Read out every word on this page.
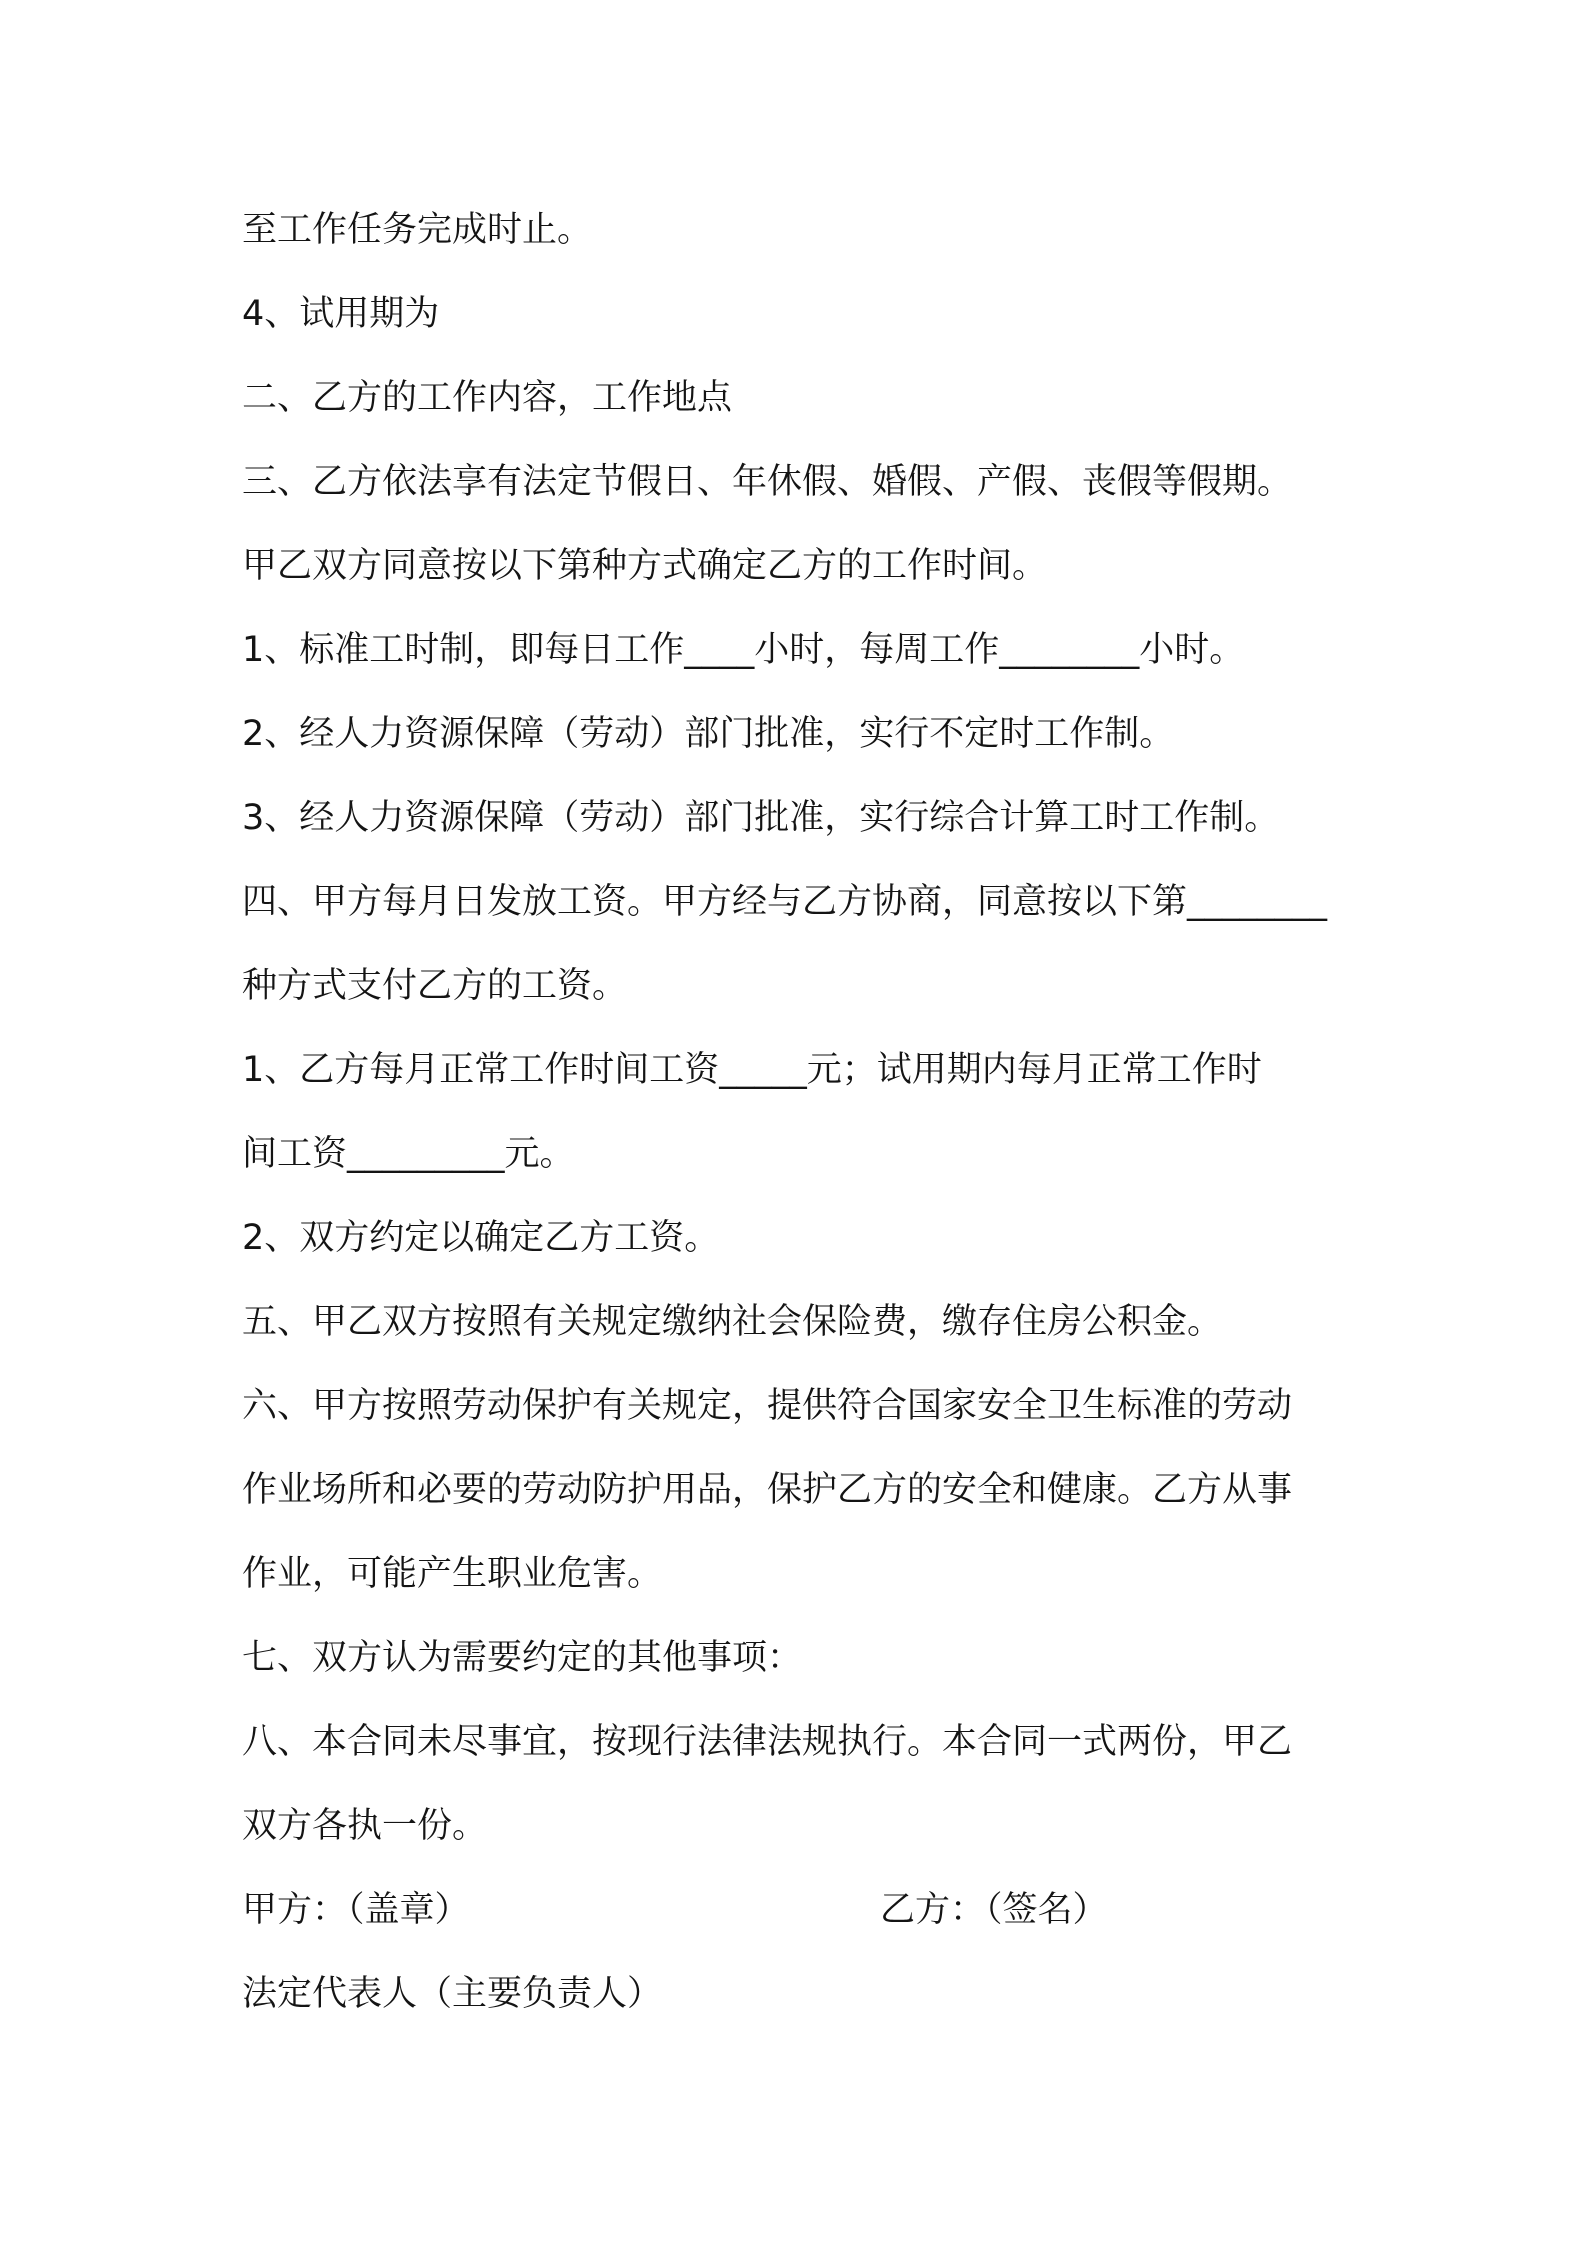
至工作任务完成时止。
4、试用期为
二、乙方的工作内容，工作地点
三、乙方依法享有法定节假日、年休假、婚假、产假、丧假等假期。
甲乙双方同意按以下第种方式确定乙方的工作时间。
1、标准工时制，即每日工作____小时，每周工作________小时。
2、经人力资源保障（劳动）部门批准，实行不定时工作制。
3、经人力资源保障（劳动）部门批准，实行综合计算工时工作制。
四、甲方每月日发放工资。甲方经与乙方协商，同意按以下第________
种方式支付乙方的工资。
1、乙方每月正常工作时间工资_____元；试用期内每月正常工作时
间工资_________元。
2、双方约定以确定乙方工资。
五、甲乙双方按照有关规定缴纳社会保险费，缴存住房公积金。
六、甲方按照劳动保护有关规定，提供符合国家安全卫生标准的劳动
作业场所和必要的劳动防护用品，保护乙方的安全和健康。乙方从事
作业，可能产生职业危害。
七、双方认为需要约定的其他事项：
八、本合同未尽事宜，按现行法律法规执行。本合同一式两份，甲乙
双方各执一份。

甲方：（盖章）

	乙方：（签名）

法定代表人（主要负责人）
